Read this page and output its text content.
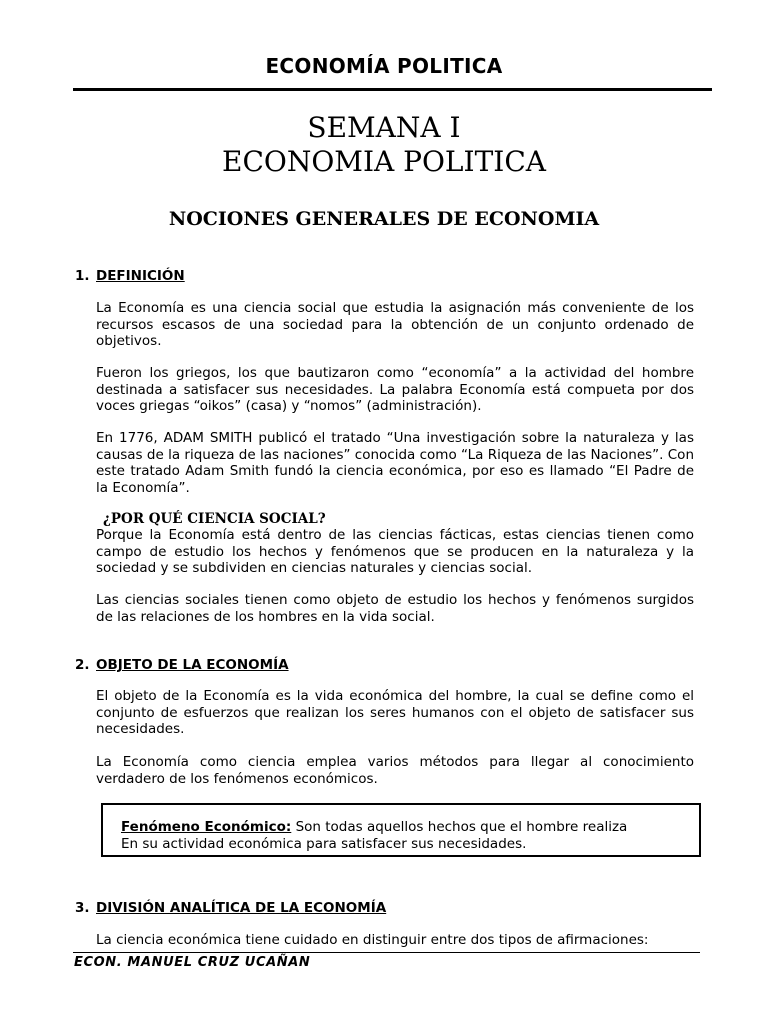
ECONOMÍA POLITICA
SEMANA I
ECONOMIA POLITICA
NOCIONES GENERALES DE ECONOMIA
1. DEFINICIÓN
La Economía es una ciencia social que estudia la asignación más conveniente de los recursos escasos de una sociedad para la obtención de un conjunto ordenado de objetivos.
Fueron los griegos, los que bautizaron como “economía” a la actividad del hombre destinada a satisfacer sus necesidades. La palabra Economía está compueta por dos voces griegas “oikos” (casa) y “nomos” (administración).
En 1776, ADAM SMITH publicó el tratado “Una investigación sobre la naturaleza y las causas de la riqueza de las naciones” conocida como “La Riqueza de las Naciones”. Con este tratado Adam Smith fundó la ciencia económica, por eso es llamado “El Padre de la Economía”.
¿POR QUÉ CIENCIA SOCIAL?
Porque la Economía está dentro de las ciencias fácticas, estas ciencias tienen como campo de estudio los hechos y fenómenos que se producen en la naturaleza y la sociedad y se subdividen en ciencias naturales y ciencias social.
Las ciencias sociales tienen como objeto de estudio los hechos y fenómenos surgidos de las relaciones de los hombres en la vida social.
2. OBJETO DE LA ECONOMÍA
El objeto de la Economía es la vida económica del hombre, la cual se define como el conjunto de esfuerzos que realizan los seres humanos con el objeto de satisfacer sus necesidades.
La Economía como ciencia emplea varios métodos para llegar al conocimiento verdadero de los fenómenos económicos.
Fenómeno Económico: Son todas aquellos hechos que el hombre realiza
En su actividad económica para satisfacer sus necesidades.
3. DIVISIÓN ANALÍTICA DE LA ECONOMÍA
La ciencia económica tiene cuidado en distinguir entre dos tipos de afirmaciones:
ECON. MANUEL CRUZ UCAÑAN
